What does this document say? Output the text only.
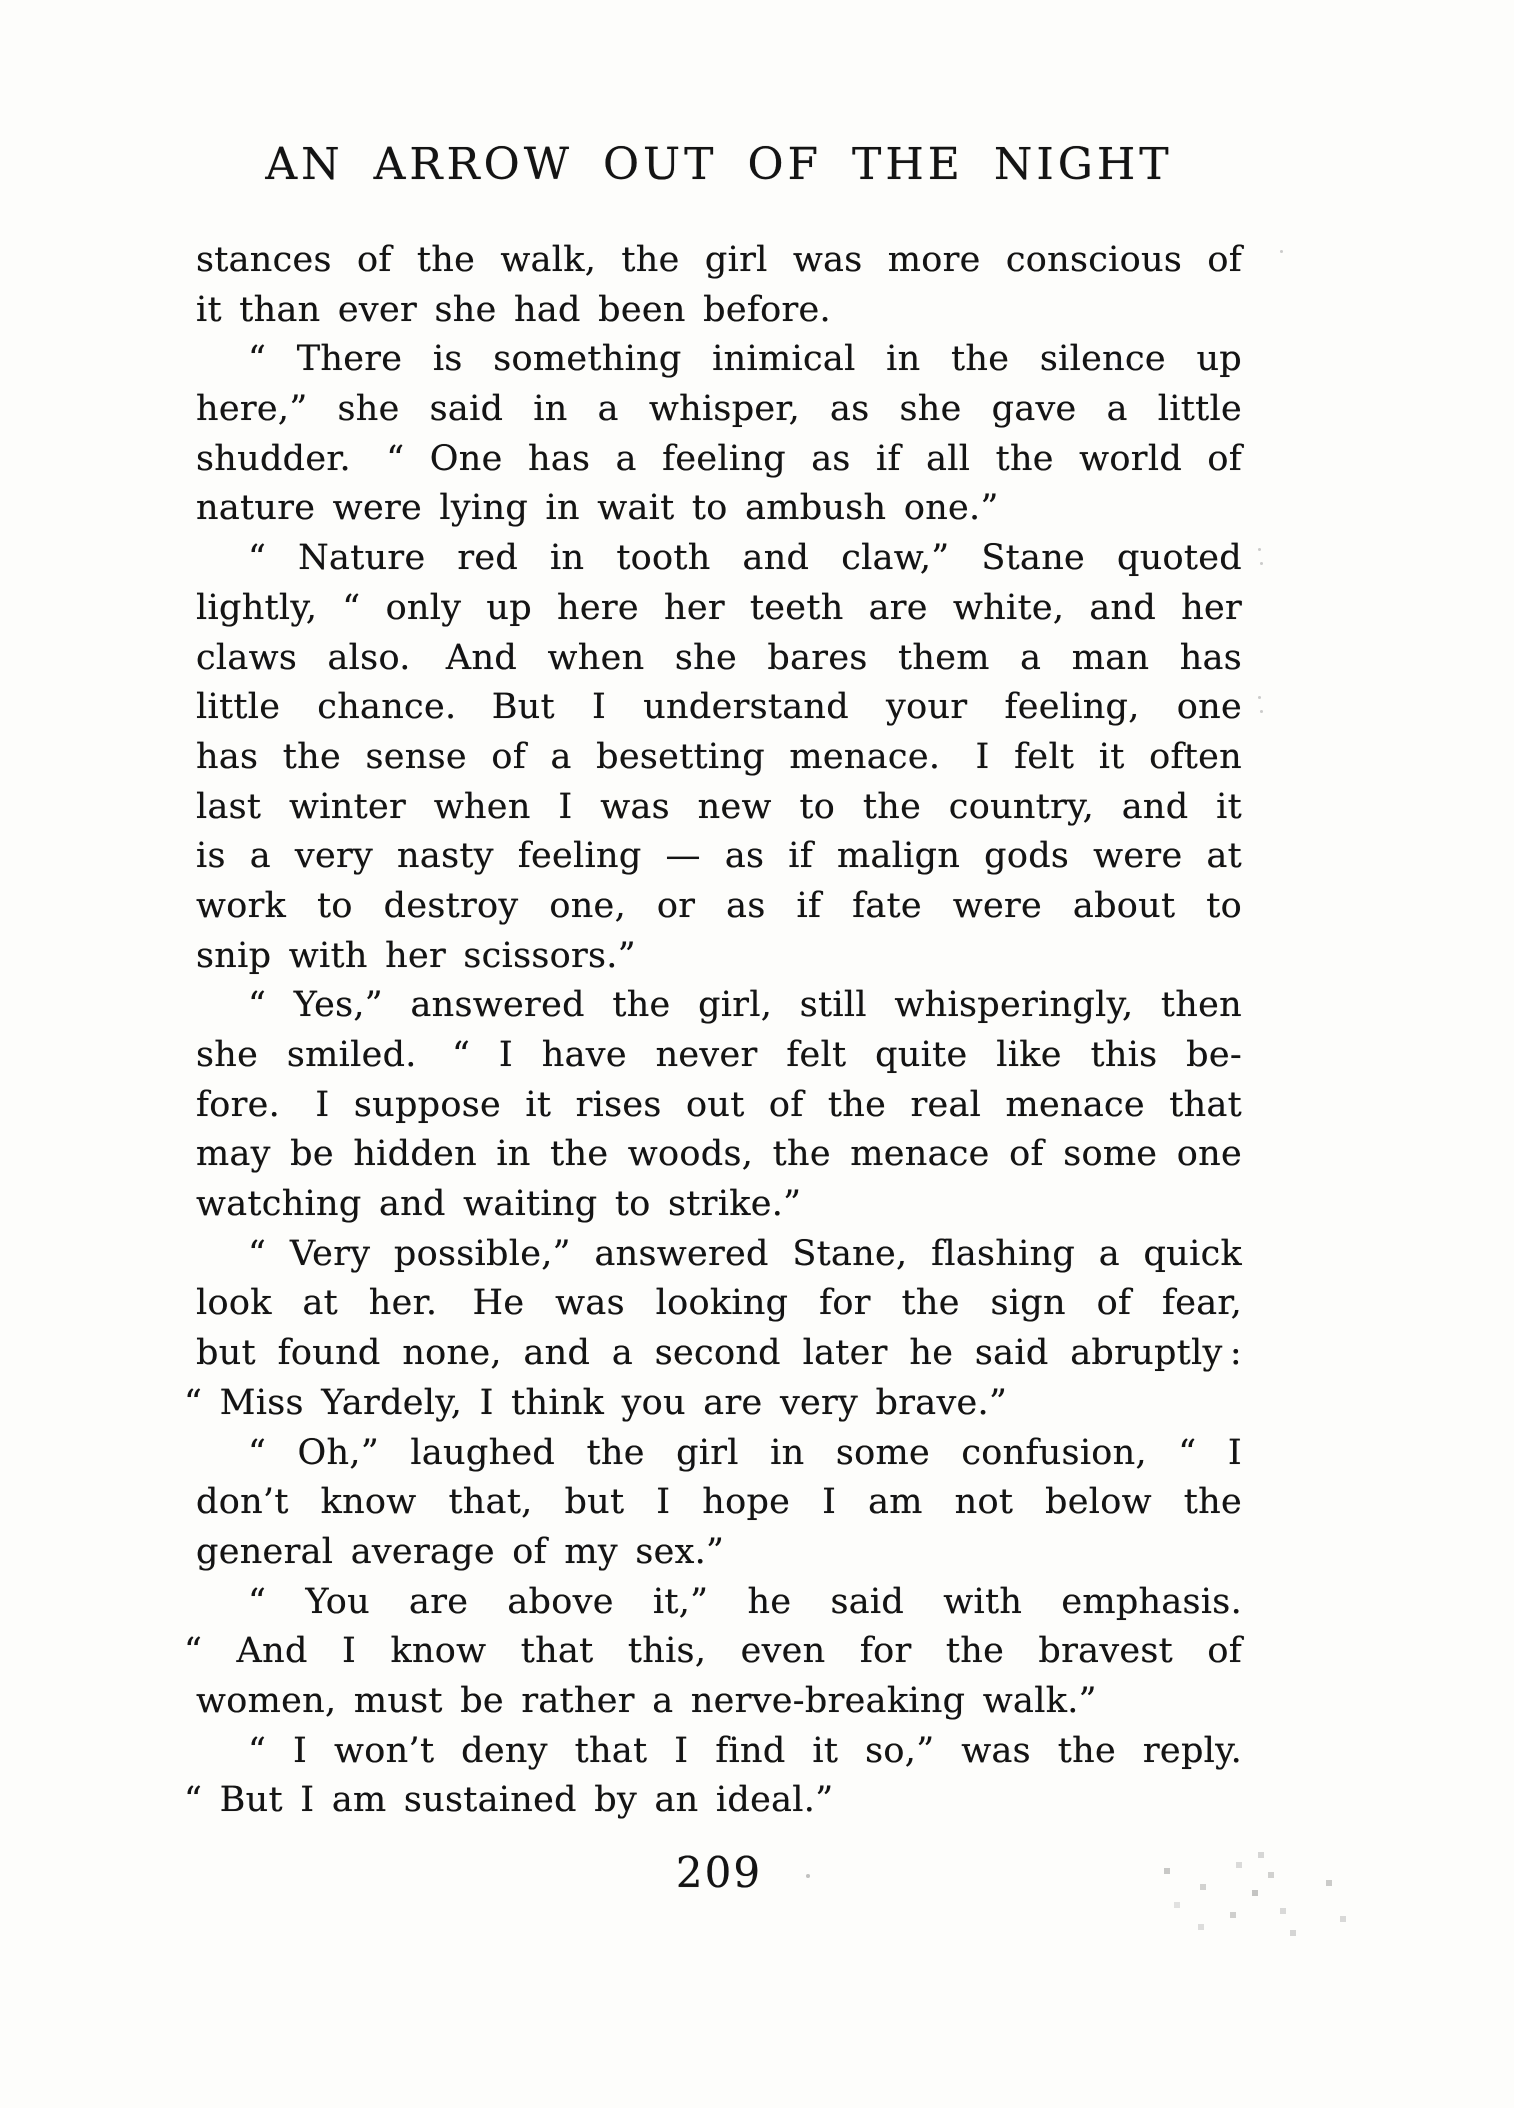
AN ARROW OUT OF THE NIGHT
stances of the walk, the girl was more conscious of
it than ever she had been before.
“ There is something inimical in the silence up
here,” she said in a whisper, as she gave a little
shudder. “ One has a feeling as if all the world of
nature were lying in wait to ambush one.”
“ Nature red in tooth and claw,” Stane quoted
lightly, “ only up here her teeth are white, and her
claws also. And when she bares them a man has
little chance. But I understand your feeling, one
has the sense of a besetting menace. I felt it often
last winter when I was new to the country, and it
is a very nasty feeling — as if malign gods were at
work to destroy one, or as if fate were about to
snip with her scissors.”
“ Yes,” answered the girl, still whisperingly, then
she smiled. “ I have never felt quite like this be-
fore. I suppose it rises out of the real menace that
may be hidden in the woods, the menace of some one
watching and waiting to strike.”
“ Very possible,” answered Stane, flashing a quick
look at her. He was looking for the sign of fear,
but found none, and a second later he said abruptly :
“ Miss Yardely, I think you are very brave.”
“ Oh,” laughed the girl in some confusion, “ I
don’t know that, but I hope I am not below the
general average of my sex.”
“ You are above it,” he said with emphasis.
“ And I know that this, even for the bravest of
women, must be rather a nerve-breaking walk.”
“ I won’t deny that I find it so,” was the reply.
“ But I am sustained by an ideal.”
209
